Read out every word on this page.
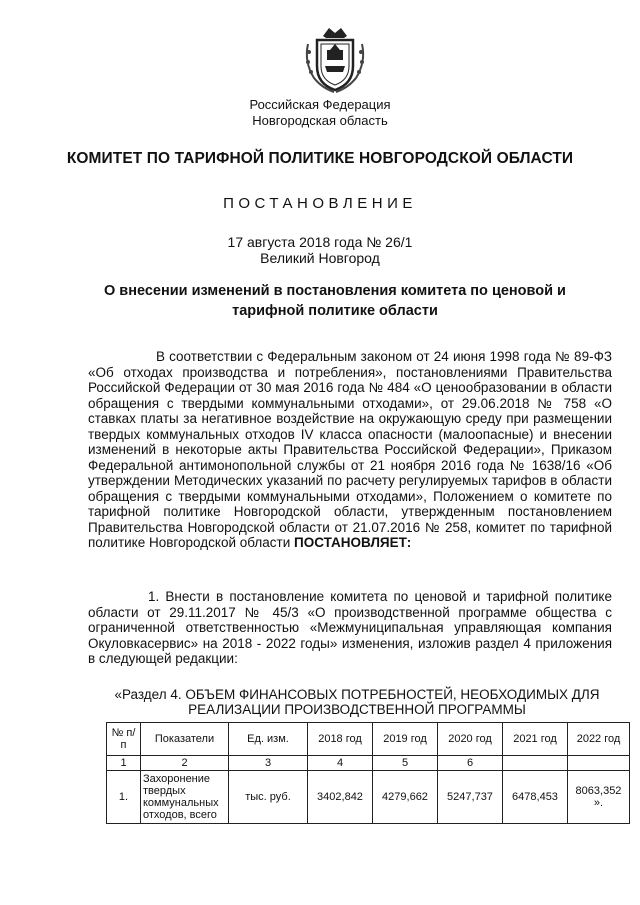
Российская Федерация
Новгородская область
КОМИТЕТ ПО ТАРИФНОЙ ПОЛИТИКЕ НОВГОРОДСКОЙ ОБЛАСТИ
ПОСТАНОВЛЕНИЕ
17 августа 2018 года № 26/1
Великий Новгород
О внесении изменений в постановления комитета по ценовой и тарифной политике области
В соответствии с Федеральным законом от 24 июня 1998 года № 89-ФЗ «Об отходах производства и потребления», постановлениями Правительства Российской Федерации от 30 мая 2016 года № 484 «О ценообразовании в области обращения с твердыми коммунальными отходами», от 29.06.2018 № 758 «О ставках платы за негативное воздействие на окружающую среду при размещении твердых коммунальных отходов IV класса опасности (малоопасные) и внесении изменений в некоторые акты Правительства Российской Федерации», Приказом Федеральной антимонопольной службы от 21 ноября 2016 года № 1638/16 «Об утверждении Методических указаний по расчету регулируемых тарифов в области обращения с твердыми коммунальными отходами», Положением о комитете по тарифной политике Новгородской области, утвержденным постановлением Правительства Новгородской области от 21.07.2016 № 258, комитет по тарифной политике Новгородской области ПОСТАНОВЛЯЕТ:
1. Внести в постановление комитета по ценовой и тарифной политике области от 29.11.2017 № 45/3 «О производственной программе общества с ограниченной ответственностью «Межмуниципальная управляющая компания Окуловкасервис» на 2018 - 2022 годы» изменения, изложив раздел 4 приложения в следующей редакции:
«Раздел 4. ОБЪЕМ ФИНАНСОВЫХ ПОТРЕБНОСТЕЙ, НЕОБХОДИМЫХ ДЛЯ РЕАЛИЗАЦИИ ПРОИЗВОДСТВЕННОЙ ПРОГРАММЫ
№ п/п	Показатели	Ед. изм.	2018 год	2019 год	2020 год	2021 год	2022 год
1	2	3	4	5	6		
1.	Захоронение твердых коммунальных отходов, всего	тыс. руб.	3402,842	4279,662	5247,737	6478,453	8063,352 ».
